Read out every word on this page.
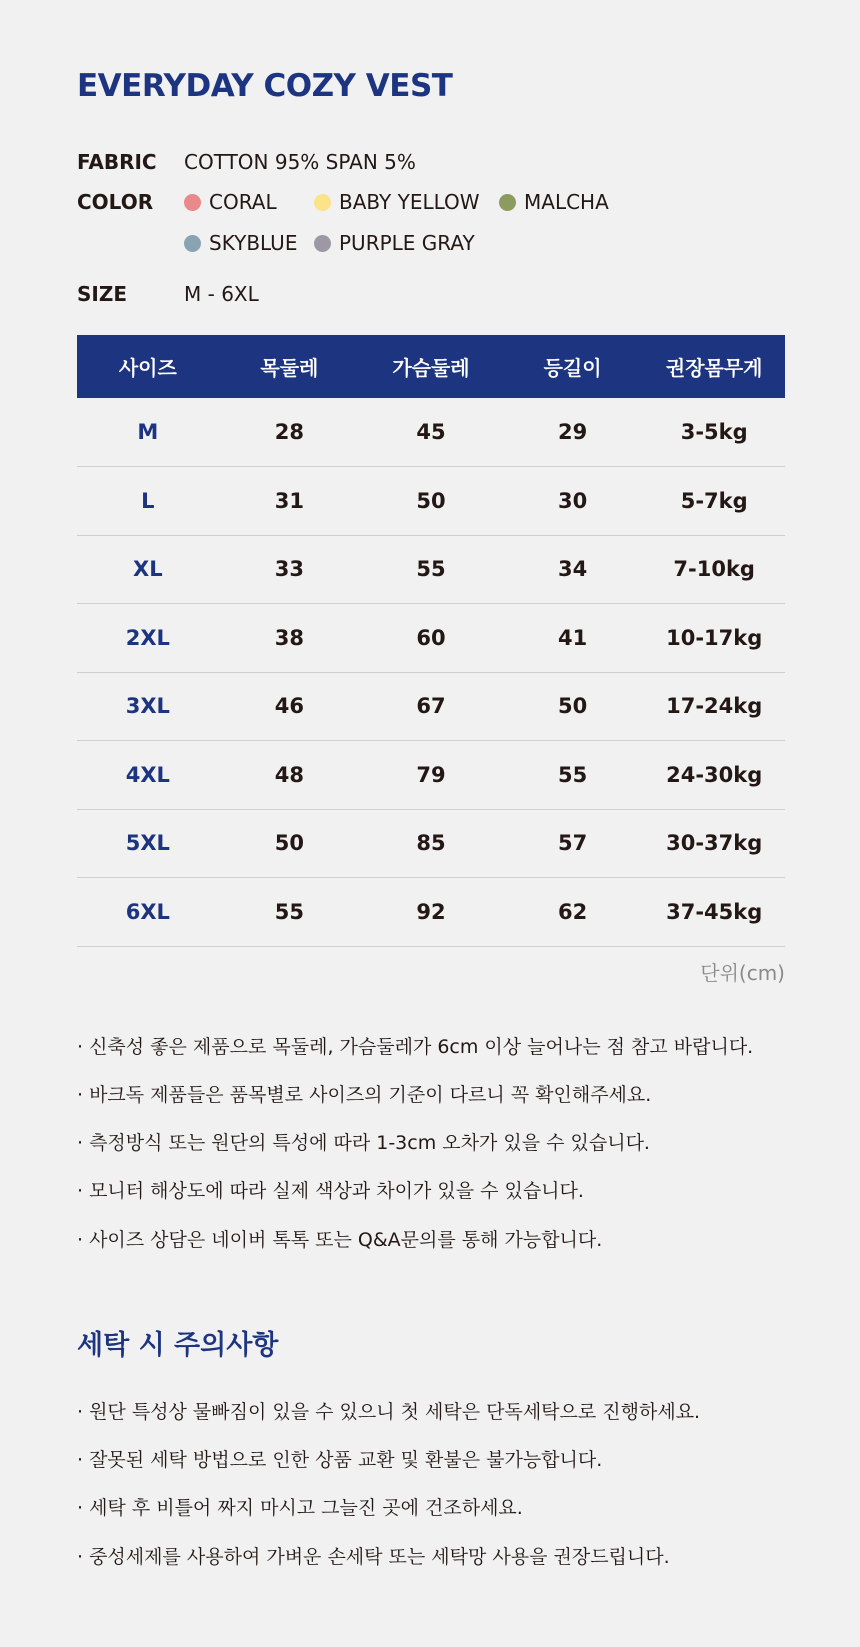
EVERYDAY COZY VEST
FABRIC COTTON 95% SPAN 5%
COLOR	CORAL	BABY YELLOW MALCHA
SKYBLUE PURPLE GRAY
SIZE	M - 6XL
사이즈	목둘레	가슴둘레	등길이	권장몸무게
M	28	45	29	3-5kg
L	31	50	30	5-7kg
XL	33	55	34	7-10kg
2XL	38	60	41	10-17kg
3XL	46	67	50	17-24kg
4XL	48	79	55	24-30kg
5XL	50	85	57	30-37kg
6XL	55	92	62	37-45kg
단위(cm)
· 신축성 좋은 제품으로 목둘레, 가슴둘레가 6cm 이상 늘어나는 점 참고 바랍니다.
· 바크독 제품들은 품목별로 사이즈의 기준이 다르니 꼭 확인해주세요.
· 측정방식 또는 원단의 특성에 따라 1-3cm 오차가 있을 수 있습니다.
· 모니터 해상도에 따라 실제 색상과 차이가 있을 수 있습니다.
· 사이즈 상담은 네이버 톡톡 또는 Q&A문의를 통해 가능합니다.
세탁 시 주의사항
· 원단 특성상 물빠짐이 있을 수 있으니 첫 세탁은 단독세탁으로 진행하세요.
· 잘못된 세탁 방법으로 인한 상품 교환 및 환불은 불가능합니다.
· 세탁 후 비틀어 짜지 마시고 그늘진 곳에 건조하세요.
· 중성세제를 사용하여 가벼운 손세탁 또는 세탁망 사용을 권장드립니다.
